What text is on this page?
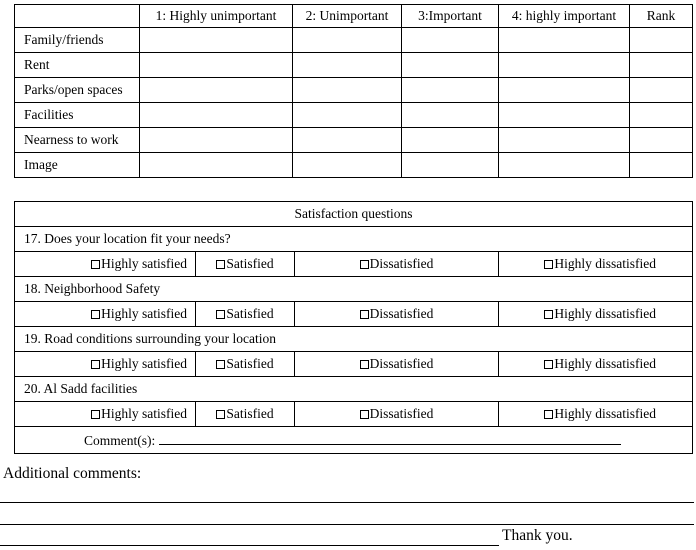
	1: Highly unimportant	2: Unimportant	3:Important	4: highly important	Rank
Family/friends					
Rent					
Parks/open spaces					
Facilities					
Nearness to work					
Image					
Satisfaction questions			
17. Does your location fit your needs?			
Highly satisfied	Satisfied	Dissatisfied	Highly dissatisfied
18. Neighborhood Safety			
Highly satisfied	Satisfied	Dissatisfied	Highly dissatisfied
19. Road conditions surrounding your location			
Highly satisfied	Satisfied	Dissatisfied	Highly dissatisfied
20. Al Sadd facilities			
Highly satisfied	Satisfied	Dissatisfied	Highly dissatisfied

Comment(s):			
Additional comments:
Thank you.
